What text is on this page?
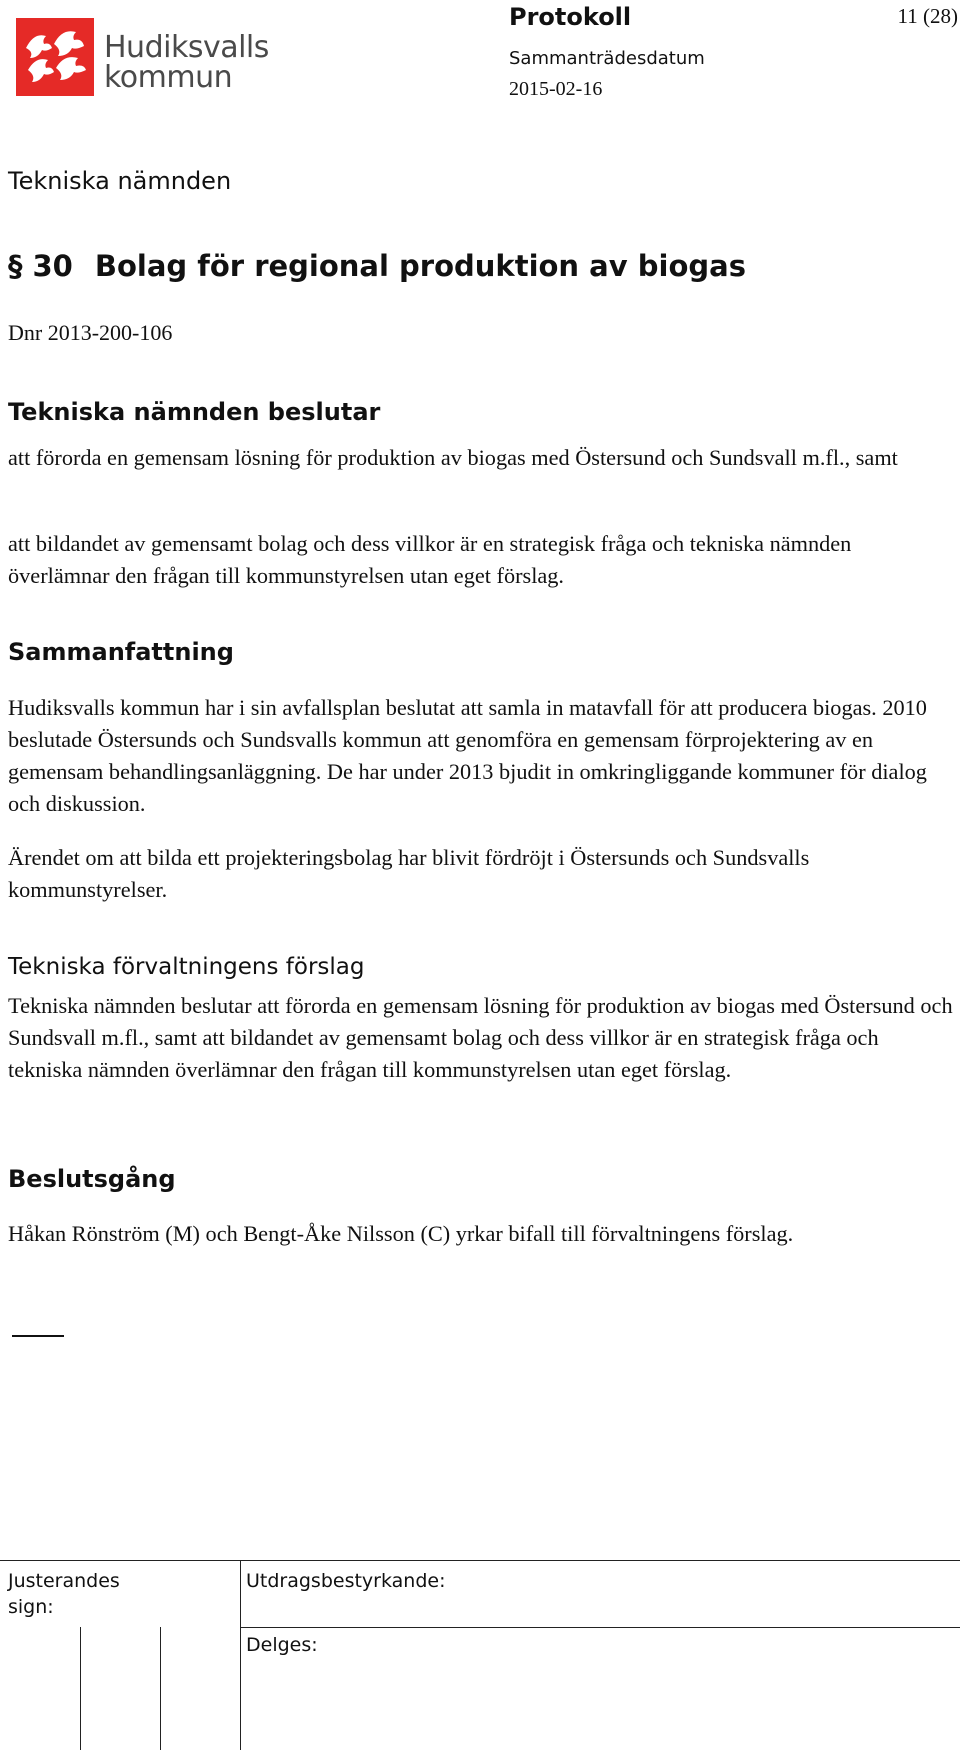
Hudiksvalls
kommun
Protokoll	11 (28)
Sammanträdesdatum
2015-02-16
Tekniska nämnden
§ 30 Bolag för regional produktion av biogas
Dnr 2013-200-106
Tekniska nämnden beslutar
att förorda en gemensam lösning för produktion av biogas med Östersund och Sundsvall m.fl., samt
att bildandet av gemensamt bolag och dess villkor är en strategisk fråga och tekniska nämnden överlämnar den frågan till kommunstyrelsen utan eget förslag.
Sammanfattning
Hudiksvalls kommun har i sin avfallsplan beslutat att samla in matavfall för att producera biogas. 2010 beslutade Östersunds och Sundsvalls kommun att genomföra en gemensam förprojektering av en gemensam behandlingsanläggning. De har under 2013 bjudit in omkringliggande kommuner för dialog och diskussion.
Ärendet om att bilda ett projekteringsbolag har blivit fördröjt i Östersunds och Sundsvalls kommunstyrelser.
Tekniska förvaltningens förslag
Tekniska nämnden beslutar att förorda en gemensam lösning för produktion av biogas med Östersund och Sundsvall m.fl., samt att bildandet av gemensamt bolag och dess villkor är en strategisk fråga och tekniska nämnden överlämnar den frågan till kommunstyrelsen utan eget förslag.
Beslutsgång
Håkan Rönström (M) och Bengt-Åke Nilsson (C) yrkar bifall till förvaltningens förslag.
Justerandes sign:
Utdragsbestyrkande:
Delges:
